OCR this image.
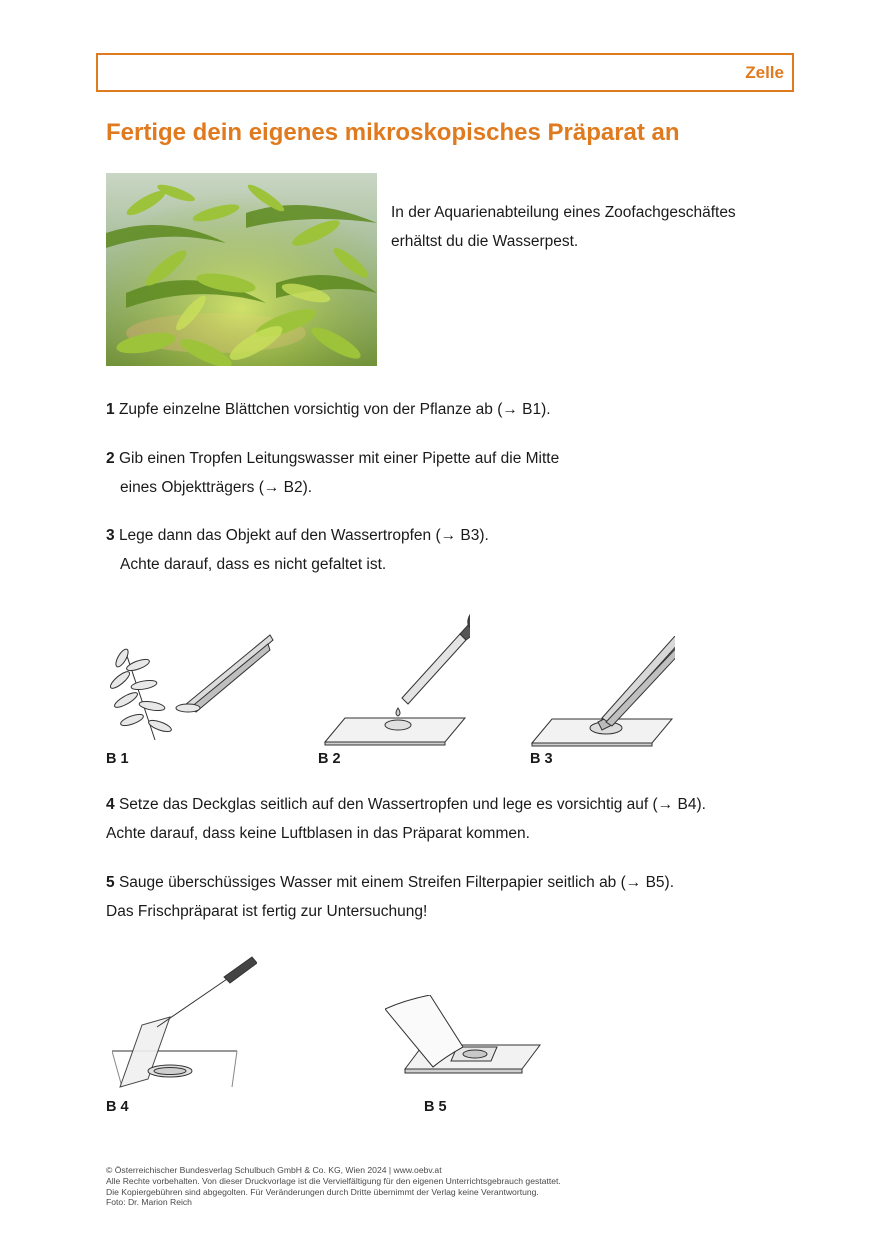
Zelle
Fertige dein eigenes mikroskopisches Präparat an
In der Aquarienabteilung eines Zoofachgeschäftes
erhältst du die Wasserpest.
1 Zupfe einzelne Blättchen vorsichtig von der Pflanze ab (→ B1).
2 Gib einen Tropfen Leitungswasser mit einer Pipette auf die Mitte
eines Objektträgers (→ B2).
3 Lege dann das Objekt auf den Wassertropfen (→ B3).
Achte darauf, dass es nicht gefaltet ist.
B 1	B 2	B 3
4 Setze das Deckglas seitlich auf den Wassertropfen und lege es vorsichtig auf (→ B4).
Achte darauf, dass keine Luftblasen in das Präparat kommen.
5 Sauge überschüssiges Wasser mit einem Streifen Filterpapier seitlich ab (→ B5).
Das Frischpräparat ist fertig zur Untersuchung!
B 4	B 5
© Österreichischer Bundesverlag Schulbuch GmbH & Co. KG, Wien 2024 | www.oebv.at
Alle Rechte vorbehalten. Von dieser Druckvorlage ist die Vervielfältigung für den eigenen Unterrichtsgebrauch gestattet.
Die Kopiergebühren sind abgegolten. Für Veränderungen durch Dritte übernimmt der Verlag keine Verantwortung.
Foto: Dr. Marion Reich
